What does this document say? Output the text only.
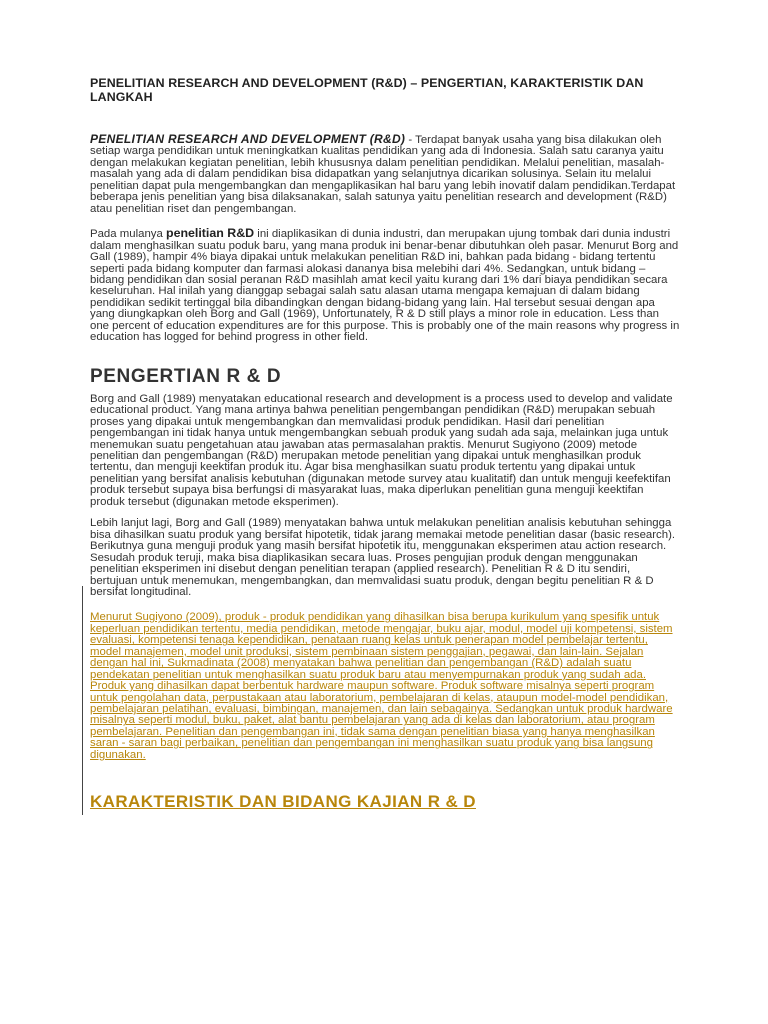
PENELITIAN RESEARCH AND DEVELOPMENT (R&D) – PENGERTIAN, KARAKTERISTIK DAN LANGKAH

PENELITIAN RESEARCH AND DEVELOPMENT (R&D) - Terdapat banyak usaha yang bisa dilakukan oleh setiap warga pendidikan untuk meningkatkan kualitas pendidikan yang ada di Indonesia. Salah satu caranya yaitu dengan melakukan kegiatan penelitian, lebih khususnya dalam penelitian pendidikan. Melalui penelitian, masalah-masalah yang ada di dalam pendidikan bisa didapatkan yang selanjutnya dicarikan solusinya. Selain itu melalui penelitian dapat pula mengembangkan dan mengaplikasikan hal baru yang lebih inovatif dalam pendidikan.Terdapat beberapa jenis penelitian yang bisa dilaksanakan, salah satunya yaitu penelitian research and development (R&D) atau penelitian riset dan pengembangan.

Pada mulanya penelitian R&D ini diaplikasikan di dunia industri, dan merupakan ujung tombak dari dunia industri dalam menghasilkan suatu poduk baru, yang mana produk ini benar-benar dibutuhkan oleh pasar. Menurut Borg and Gall (1989), hampir 4% biaya dipakai untuk melakukan penelitian R&D ini, bahkan pada bidang - bidang tertentu seperti pada bidang komputer dan farmasi alokasi dananya bisa melebihi dari 4%. Sedangkan, untuk bidang – bidang pendidikan dan sosial peranan R&D masihlah amat kecil yaitu kurang dari 1% dari biaya pendidikan secara keseluruhan. Hal inilah yang dianggap sebagai salah satu alasan utama mengapa kemajuan di dalam bidang pendidikan sedikit tertinggal bila dibandingkan dengan bidang-bidang yang lain. Hal tersebut sesuai dengan apa yang diungkapkan oleh Borg and Gall (1969), Unfortunately, R & D still plays a minor role in education. Less than one percent of education expenditures are for this purpose. This is probably one of the main reasons why progress in education has logged for behind progress in other field.

PENGERTIAN R & D

Borg and Gall (1989) menyatakan educational research and development is a process used to develop and validate educational product. Yang mana artinya bahwa penelitian pengembangan pendidikan (R&D) merupakan sebuah proses yang dipakai untuk mengembangkan dan memvalidasi produk pendidikan. Hasil dari penelitian pengembangan ini tidak hanya untuk mengembangkan sebuah produk yang sudah ada saja, melainkan juga untuk menemukan suatu pengetahuan atau jawaban atas permasalahan praktis. Menurut Sugiyono (2009) metode penelitian dan pengembangan (R&D) merupakan metode penelitian yang dipakai untuk menghasilkan produk tertentu, dan menguji keektifan produk itu. Agar bisa menghasilkan suatu produk tertentu yang dipakai untuk penelitian yang bersifat analisis kebutuhan (digunakan metode survey atau kualitatif) dan untuk menguji keefektifan produk tersebut supaya bisa berfungsi di masyarakat luas, maka diperlukan penelitian guna menguji keektifan produk tersebut (digunakan metode eksperimen).

Lebih lanjut lagi, Borg and Gall (1989) menyatakan bahwa untuk melakukan penelitian analisis kebutuhan sehingga bisa dihasilkan suatu produk yang bersifat hipotetik, tidak jarang memakai metode penelitian dasar (basic research). Berikutnya guna menguji produk yang masih bersifat hipotetik itu, menggunakan eksperimen atau action research. Sesudah produk teruji, maka bisa diaplikasikan secara luas. Proses pengujian produk dengan menggunakan penelitian eksperimen ini disebut dengan penelitian terapan (applied research). Penelitian R & D itu sendiri, bertujuan untuk menemukan, mengembangkan, dan memvalidasi suatu produk, dengan begitu penelitian R & D bersifat longitudinal.

Menurut Sugiyono (2009), produk - produk pendidikan yang dihasilkan bisa berupa kurikulum yang spesifik untuk keperluan pendidikan tertentu, media pendidikan, metode mengajar, buku ajar, modul, model uji kompetensi, sistem evaluasi, kompetensi tenaga kependidikan, penataan ruang kelas untuk penerapan model pembelajar tertentu, model manajemen, model unit produksi, sistem pembinaan sistem penggajian, pegawai, dan lain-lain. Sejalan dengan hal ini, Sukmadinata (2008) menyatakan bahwa penelitian dan pengembangan (R&D) adalah suatu pendekatan penelitian untuk menghasilkan suatu produk baru atau menyempurnakan produk yang sudah ada. Produk yang dihasilkan dapat berbentuk hardware maupun software. Produk software misalnya seperti program untuk pengolahan data, perpustakaan atau laboratorium, pembelajaran di kelas, ataupun model-model pendidikan, pembelajaran pelatihan, evaluasi, bimbingan, manajemen, dan lain sebagainya. Sedangkan untuk produk hardware misalnya seperti modul, buku, paket, alat bantu pembelajaran yang ada di kelas dan laboratorium, atau program pembelajaran. Penelitian dan pengembangan ini, tidak sama dengan penelitian biasa yang hanya menghasilkan saran - saran bagi perbaikan, penelitian dan pengembangan ini menghasilkan suatu produk yang bisa langsung digunakan.

KARAKTERISTIK DAN BIDANG KAJIAN R & D
